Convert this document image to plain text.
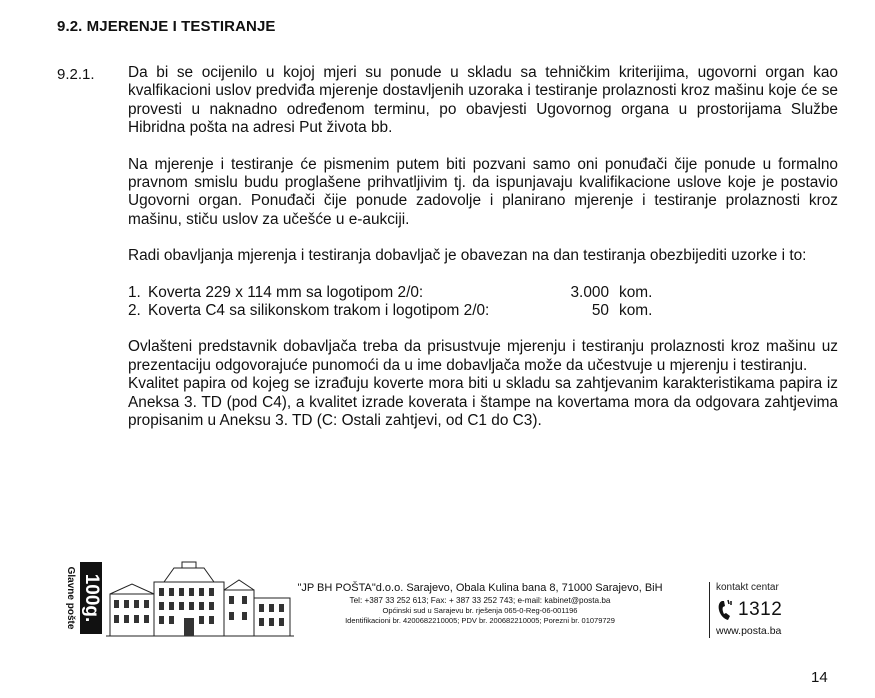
9.2. MJERENJE I TESTIRANJE
9.2.1. Da bi se ocijenilo u kojoj mjeri su ponude u skladu sa tehničkim kriterijima, ugovorni organ kao kvalfikacioni uslov predviđa mjerenje dostavljenih uzoraka i testiranje prolaznosti kroz mašinu koje će se provesti u naknadno određenom terminu, po obavjesti Ugovornog organa u prostorijama Službe Hibridna pošta na adresi Put života bb.

Na mjerenje i testiranje će pismenim putem biti pozvani samo oni ponuđači čije ponude u formalno pravnom smislu budu proglašene prihvatljivim tj. da ispunjavaju kvalifikacione uslove koje je postavio Ugovorni organ. Ponuđači čije ponude zadovolje i planirano mjerenje i testiranje prolaznosti kroz mašinu, stiču uslov za učešće u e-aukciji.

Radi obavljanja mjerenja i testiranja dobavljač je obavezan na dan testiranja obezbijediti uzorke i to:

1. Koverta 229 x 114 mm sa logotipom 2/0:	3.000 kom.
2. Koverta C4 sa silikonskom trakom i logotipom 2/0:	50 kom.

Ovlašteni predstavnik dobavljača treba da prisustvuje mjerenju i testiranju prolaznosti kroz mašinu uz prezentaciju odgovorajuće punomoći da u ime dobavljača može da učestvuje u mjerenju i testiranju.

Kvalitet papira od kojeg se izrađuju koverte mora biti u skladu sa zahtjevanim karakteristikama papira iz Aneksa 3. TD (pod C4), a kvalitet izrade koverata i štampe na kovertama mora da odgovara zahtjevima propisanim u Aneksu 3. TD (C: Ostali zahtjevi, od C1 do C3).

Glavne pošte 100g.	"JP BH POŠTA"d.o.o. Sarajevo, Obala Kulina bana 8, 71000 Sarajevo, BiH
Tel: +387 33 252 613; Fax: + 387 33 252 743; e-mail: kabinet@posta.ba
Općinski sud u Sarajevu br. rješenja 065-0-Reg-06-001196
Identifikacioni br. 4200682210005; PDV br. 200682210005; Porezni br. 01079729
kontakt centar
1312
www.posta.ba
14
